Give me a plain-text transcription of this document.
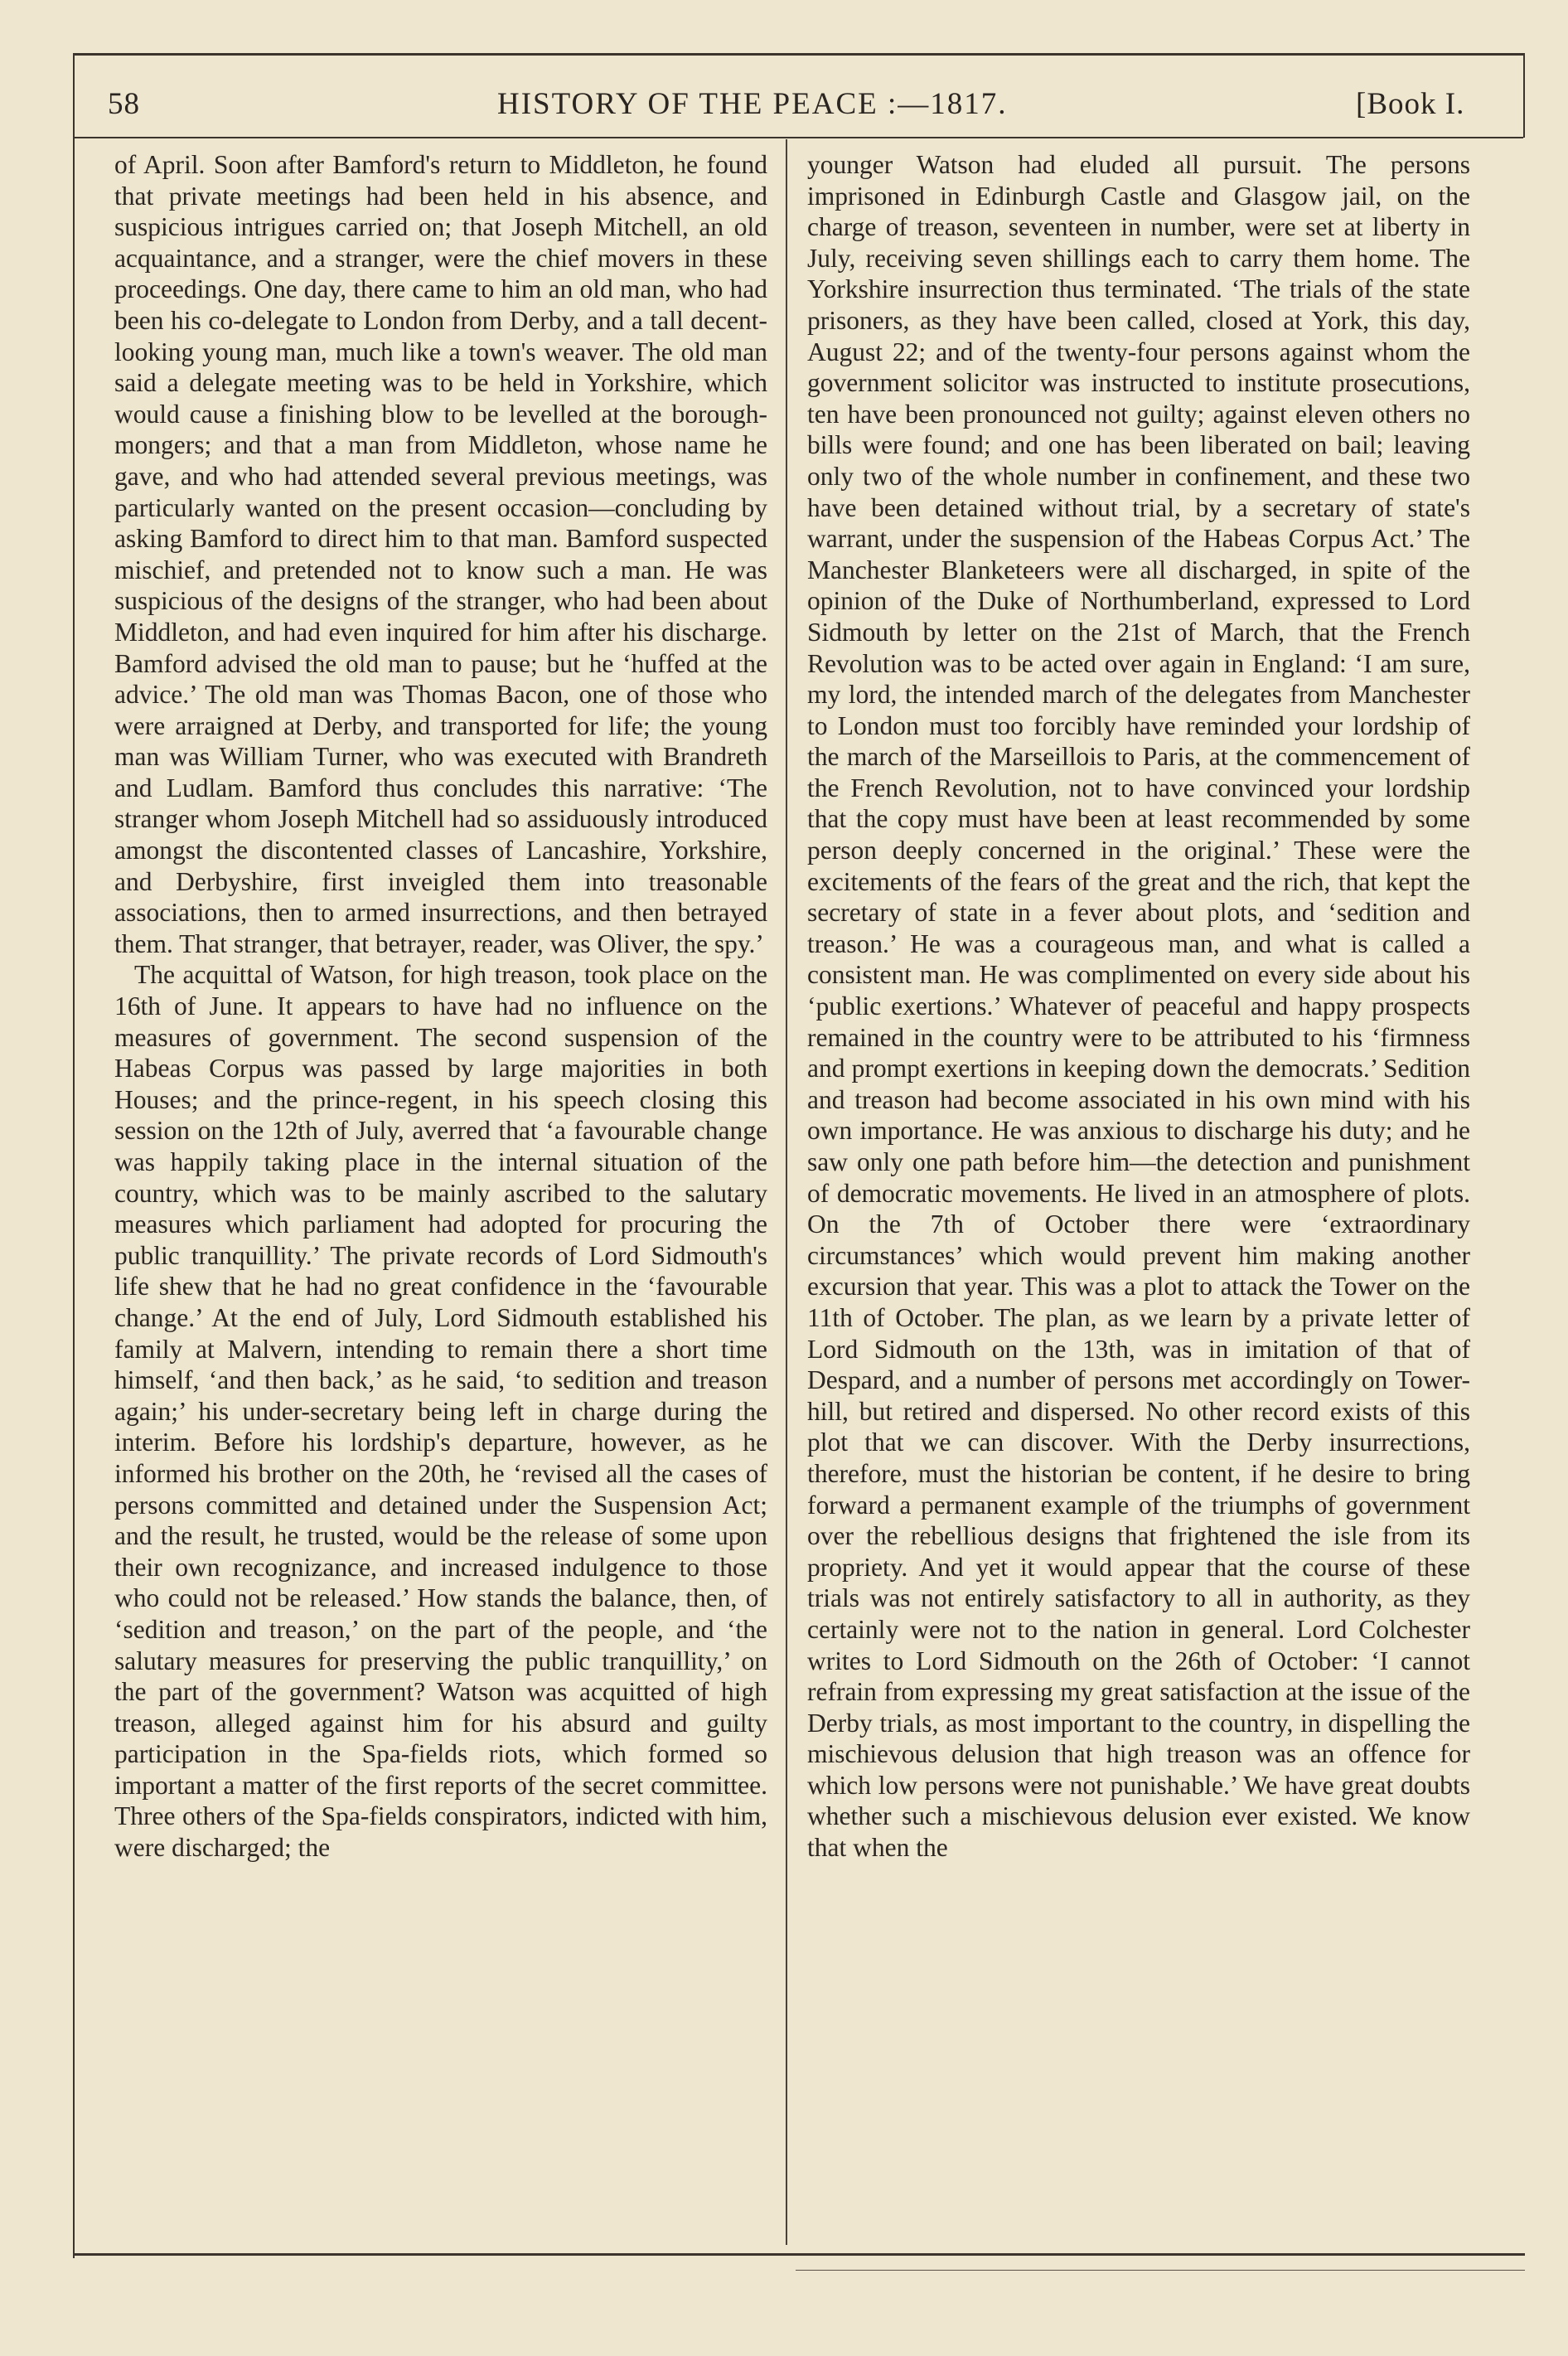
58	HISTORY OF THE PEACE :—1817.	[Book I.

of April. Soon after Bamford's return to Middleton, he found that private meetings had been held in his absence, and suspicious intrigues carried on; that Joseph Mitchell, an old acquaintance, and a stranger, were the chief movers in these proceedings. One day, there came to him an old man, who had been his co-delegate to London from Derby, and a tall decent-looking young man, much like a town's weaver. The old man said a delegate meeting was to be held in Yorkshire, which would cause a finishing blow to be levelled at the borough-mongers; and that a man from Middleton, whose name he gave, and who had attended several previous meetings, was particularly wanted on the present occasion—concluding by asking Bamford to direct him to that man. Bamford suspected mischief, and pretended not to know such a man. He was suspicious of the designs of the stranger, who had been about Middleton, and had even inquired for him after his discharge. Bamford advised the old man to pause; but he ‘huffed at the advice.’ The old man was Thomas Bacon, one of those who were arraigned at Derby, and transported for life; the young man was William Turner, who was executed with Brandreth and Ludlam. Bamford thus concludes this narrative: ‘The stranger whom Joseph Mitchell had so assiduously introduced amongst the discontented classes of Lancashire, Yorkshire, and Derbyshire, first inveigled them into treasonable associations, then to armed insurrections, and then betrayed them. That stranger, that betrayer, reader, was Oliver, the spy.’

The acquittal of Watson, for high treason, took place on the 16th of June. It appears to have had no influence on the measures of government. The second suspension of the Habeas Corpus was passed by large majorities in both Houses; and the prince-regent, in his speech closing this session on the 12th of July, averred that ‘a favourable change was happily taking place in the internal situation of the country, which was to be mainly ascribed to the salutary measures which parliament had adopted for procuring the public tranquillity.’ The private records of Lord Sidmouth's life shew that he had no great confidence in the ‘favourable change.’ At the end of July, Lord Sidmouth established his family at Malvern, intending to remain there a short time himself, ‘and then back,’ as he said, ‘to sedition and treason again;’ his under-secretary being left in charge during the interim. Before his lordship's departure, however, as he informed his brother on the 20th, he ‘revised all the cases of persons committed and detained under the Suspension Act; and the result, he trusted, would be the release of some upon their own recognizance, and increased indulgence to those who could not be released.’ How stands the balance, then, of ‘sedition and treason,’ on the part of the people, and ‘the salutary measures for preserving the public tranquillity,’ on the part of the government? Watson was acquitted of high treason, alleged against him for his absurd and guilty participation in the Spa-fields riots, which formed so important a matter of the first reports of the secret committee. Three others of the Spa-fields conspirators, indicted with him, were discharged; the

younger Watson had eluded all pursuit. The persons imprisoned in Edinburgh Castle and Glasgow jail, on the charge of treason, seventeen in number, were set at liberty in July, receiving seven shillings each to carry them home. The Yorkshire insurrection thus terminated. ‘The trials of the state prisoners, as they have been called, closed at York, this day, August 22; and of the twenty-four persons against whom the government solicitor was instructed to institute prosecutions, ten have been pronounced not guilty; against eleven others no bills were found; and one has been liberated on bail; leaving only two of the whole number in confinement, and these two have been detained without trial, by a secretary of state's warrant, under the suspension of the Habeas Corpus Act.’ The Manchester Blanketeers were all discharged, in spite of the opinion of the Duke of Northumberland, expressed to Lord Sidmouth by letter on the 21st of March, that the French Revolution was to be acted over again in England: ‘I am sure, my lord, the intended march of the delegates from Manchester to London must too forcibly have reminded your lordship of the march of the Marseillois to Paris, at the commencement of the French Revolution, not to have convinced your lordship that the copy must have been at least recommended by some person deeply concerned in the original.’ These were the excitements of the fears of the great and the rich, that kept the secretary of state in a fever about plots, and ‘sedition and treason.’ He was a courageous man, and what is called a consistent man. He was complimented on every side about his ‘public exertions.’ Whatever of peaceful and happy prospects remained in the country were to be attributed to his ‘firmness and prompt exertions in keeping down the democrats.’ Sedition and treason had become associated in his own mind with his own importance. He was anxious to discharge his duty; and he saw only one path before him—the detection and punishment of democratic movements. He lived in an atmosphere of plots. On the 7th of October there were ‘extraordinary circumstances’ which would prevent him making another excursion that year. This was a plot to attack the Tower on the 11th of October. The plan, as we learn by a private letter of Lord Sidmouth on the 13th, was in imitation of that of Despard, and a number of persons met accordingly on Tower-hill, but retired and dispersed. No other record exists of this plot that we can discover. With the Derby insurrections, therefore, must the historian be content, if he desire to bring forward a permanent example of the triumphs of government over the rebellious designs that frightened the isle from its propriety. And yet it would appear that the course of these trials was not entirely satisfactory to all in authority, as they certainly were not to the nation in general. Lord Colchester writes to Lord Sidmouth on the 26th of October: ‘I cannot refrain from expressing my great satisfaction at the issue of the Derby trials, as most important to the country, in dispelling the mischievous delusion that high treason was an offence for which low persons were not punishable.’ We have great doubts whether such a mischievous delusion ever existed. We know that when the
